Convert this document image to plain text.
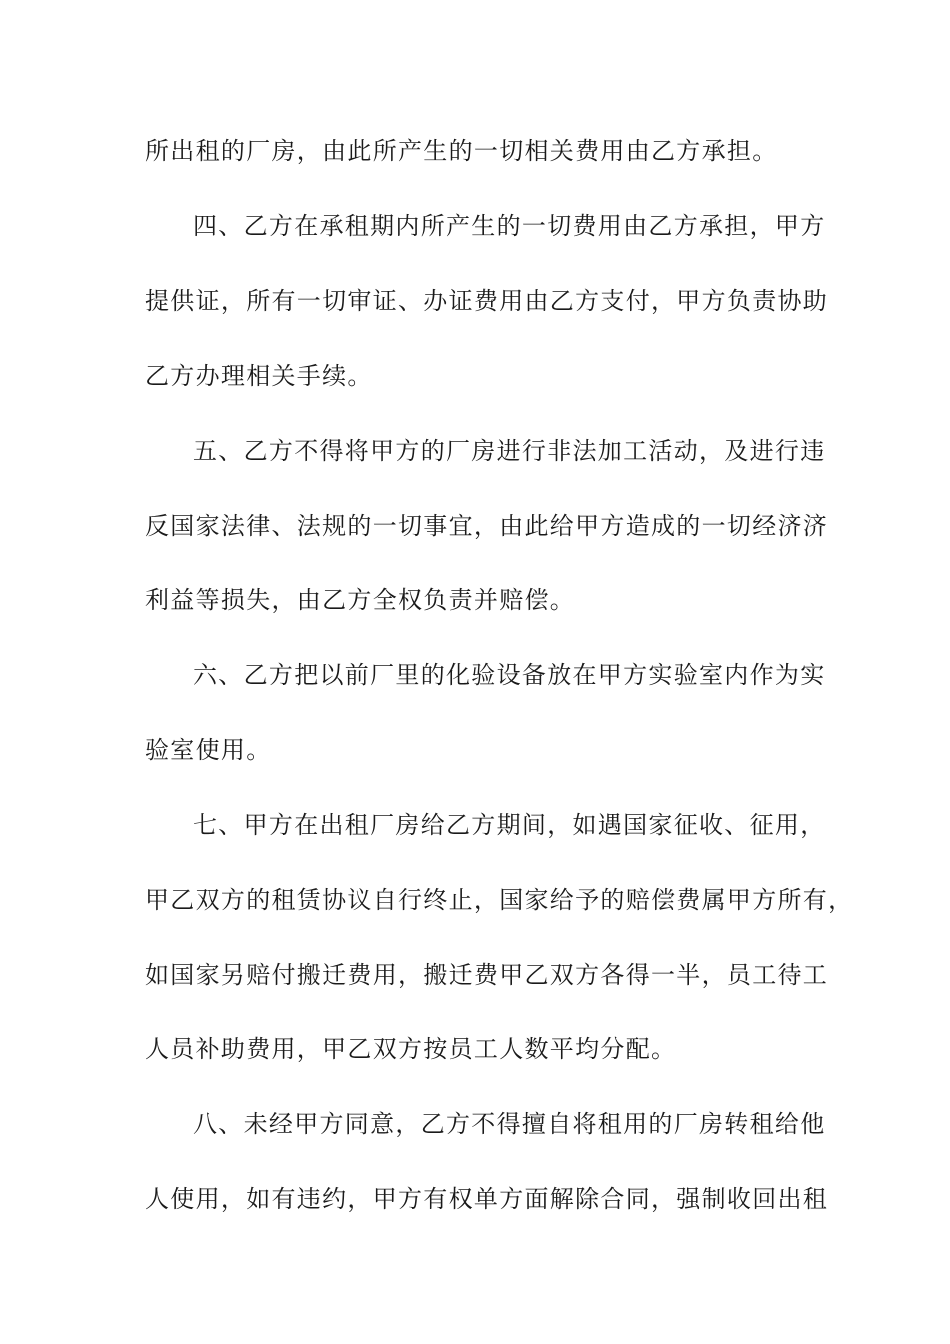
所出租的厂房，由此所产生的一切相关费用由乙方承担。
四、乙方在承租期内所产生的一切费用由乙方承担，甲方
提供证，所有一切审证、办证费用由乙方支付，甲方负责协助
乙方办理相关手续。
五、乙方不得将甲方的厂房进行非法加工活动，及进行违
反国家法律、法规的一切事宜，由此给甲方造成的一切经济济
利益等损失，由乙方全权负责并赔偿。
六、乙方把以前厂里的化验设备放在甲方实验室内作为实
验室使用。
七、甲方在出租厂房给乙方期间，如遇国家征收、征用，
甲乙双方的租赁协议自行终止，国家给予的赔偿费属甲方所有，
如国家另赔付搬迁费用，搬迁费甲乙双方各得一半，员工待工
人员补助费用，甲乙双方按员工人数平均分配。
八、未经甲方同意，乙方不得擅自将租用的厂房转租给他
人使用，如有违约，甲方有权单方面解除合同，强制收回出租
